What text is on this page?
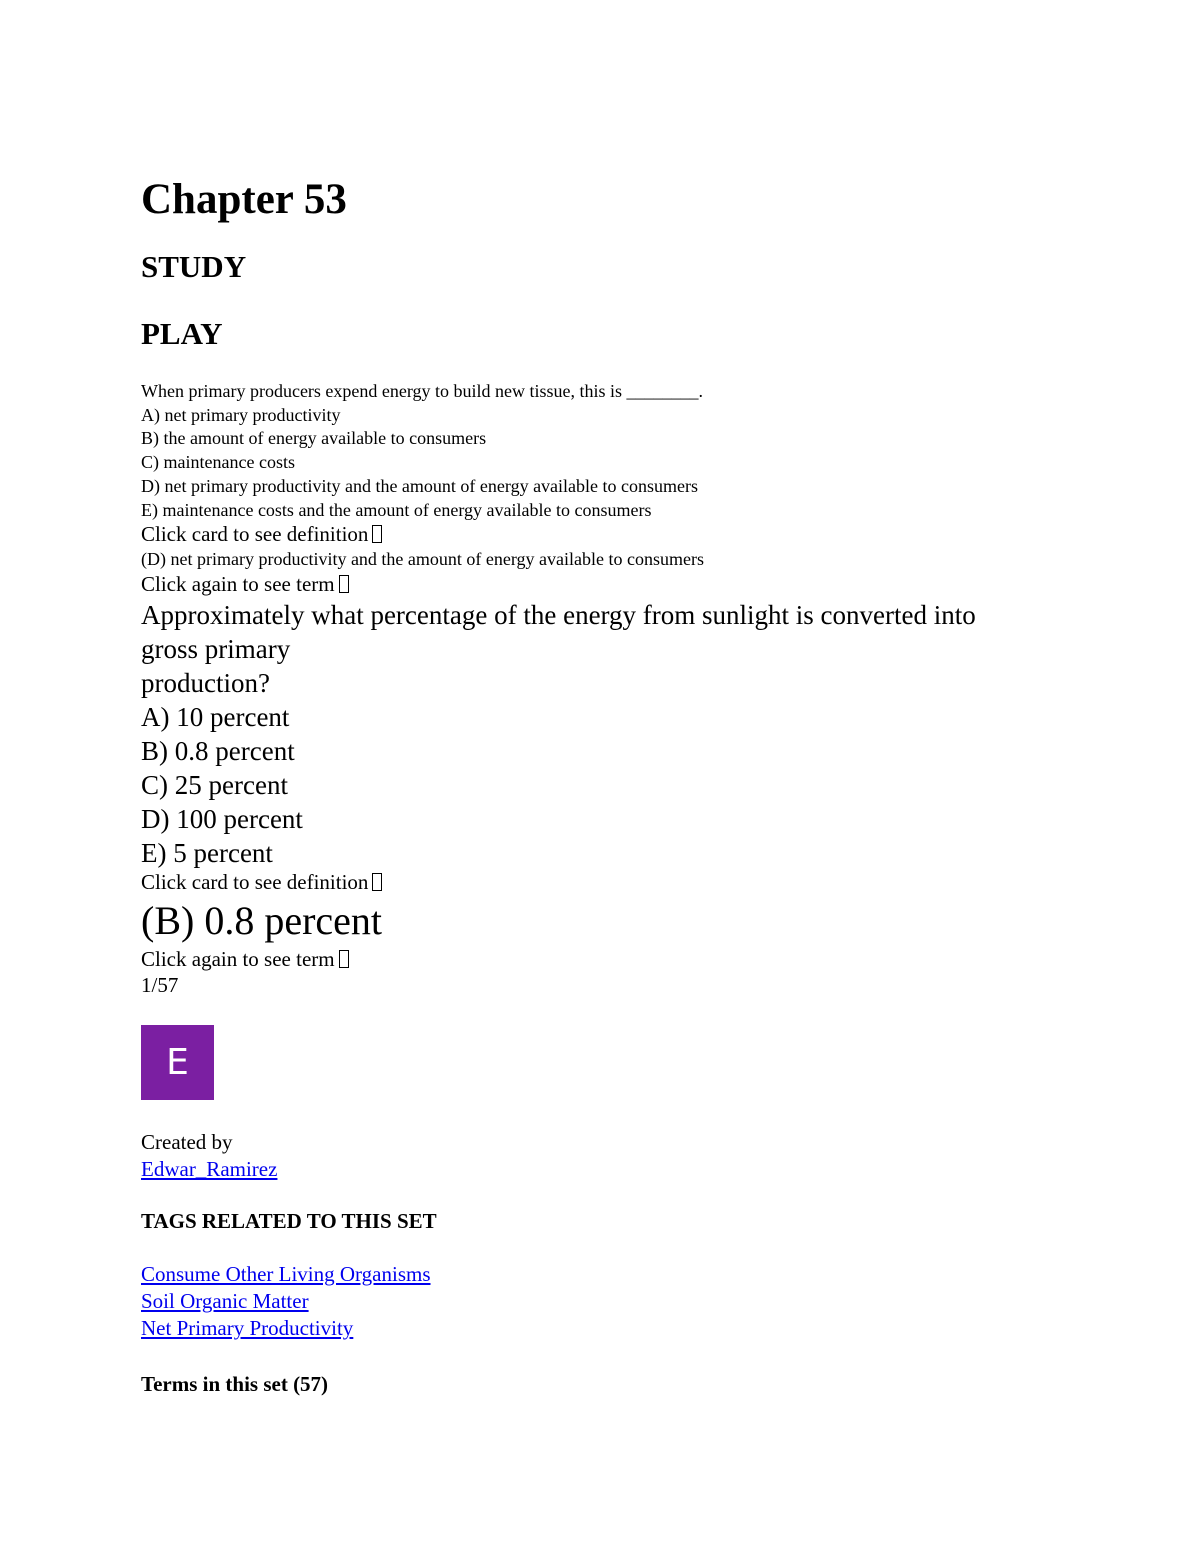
Chapter 53
STUDY
PLAY
When primary producers expend energy to build new tissue, this is ________.
A) net primary productivity
B) the amount of energy available to consumers
C) maintenance costs
D) net primary productivity and the amount of energy available to consumers
E) maintenance costs and the amount of energy available to consumers
Click card to see definition
(D) net primary productivity and the amount of energy available to consumers
Click again to see term
Approximately what percentage of the energy from sunlight is converted into
gross primary
production?
A) 10 percent
B) 0.8 percent
C) 25 percent
D) 100 percent
E) 5 percent
Click card to see definition
(B) 0.8 percent
Click again to see term
1/57
E
Created by
Edwar_Ramirez
TAGS RELATED TO THIS SET
Consume Other Living Organisms
Soil Organic Matter
Net Primary Productivity
Terms in this set (57)
